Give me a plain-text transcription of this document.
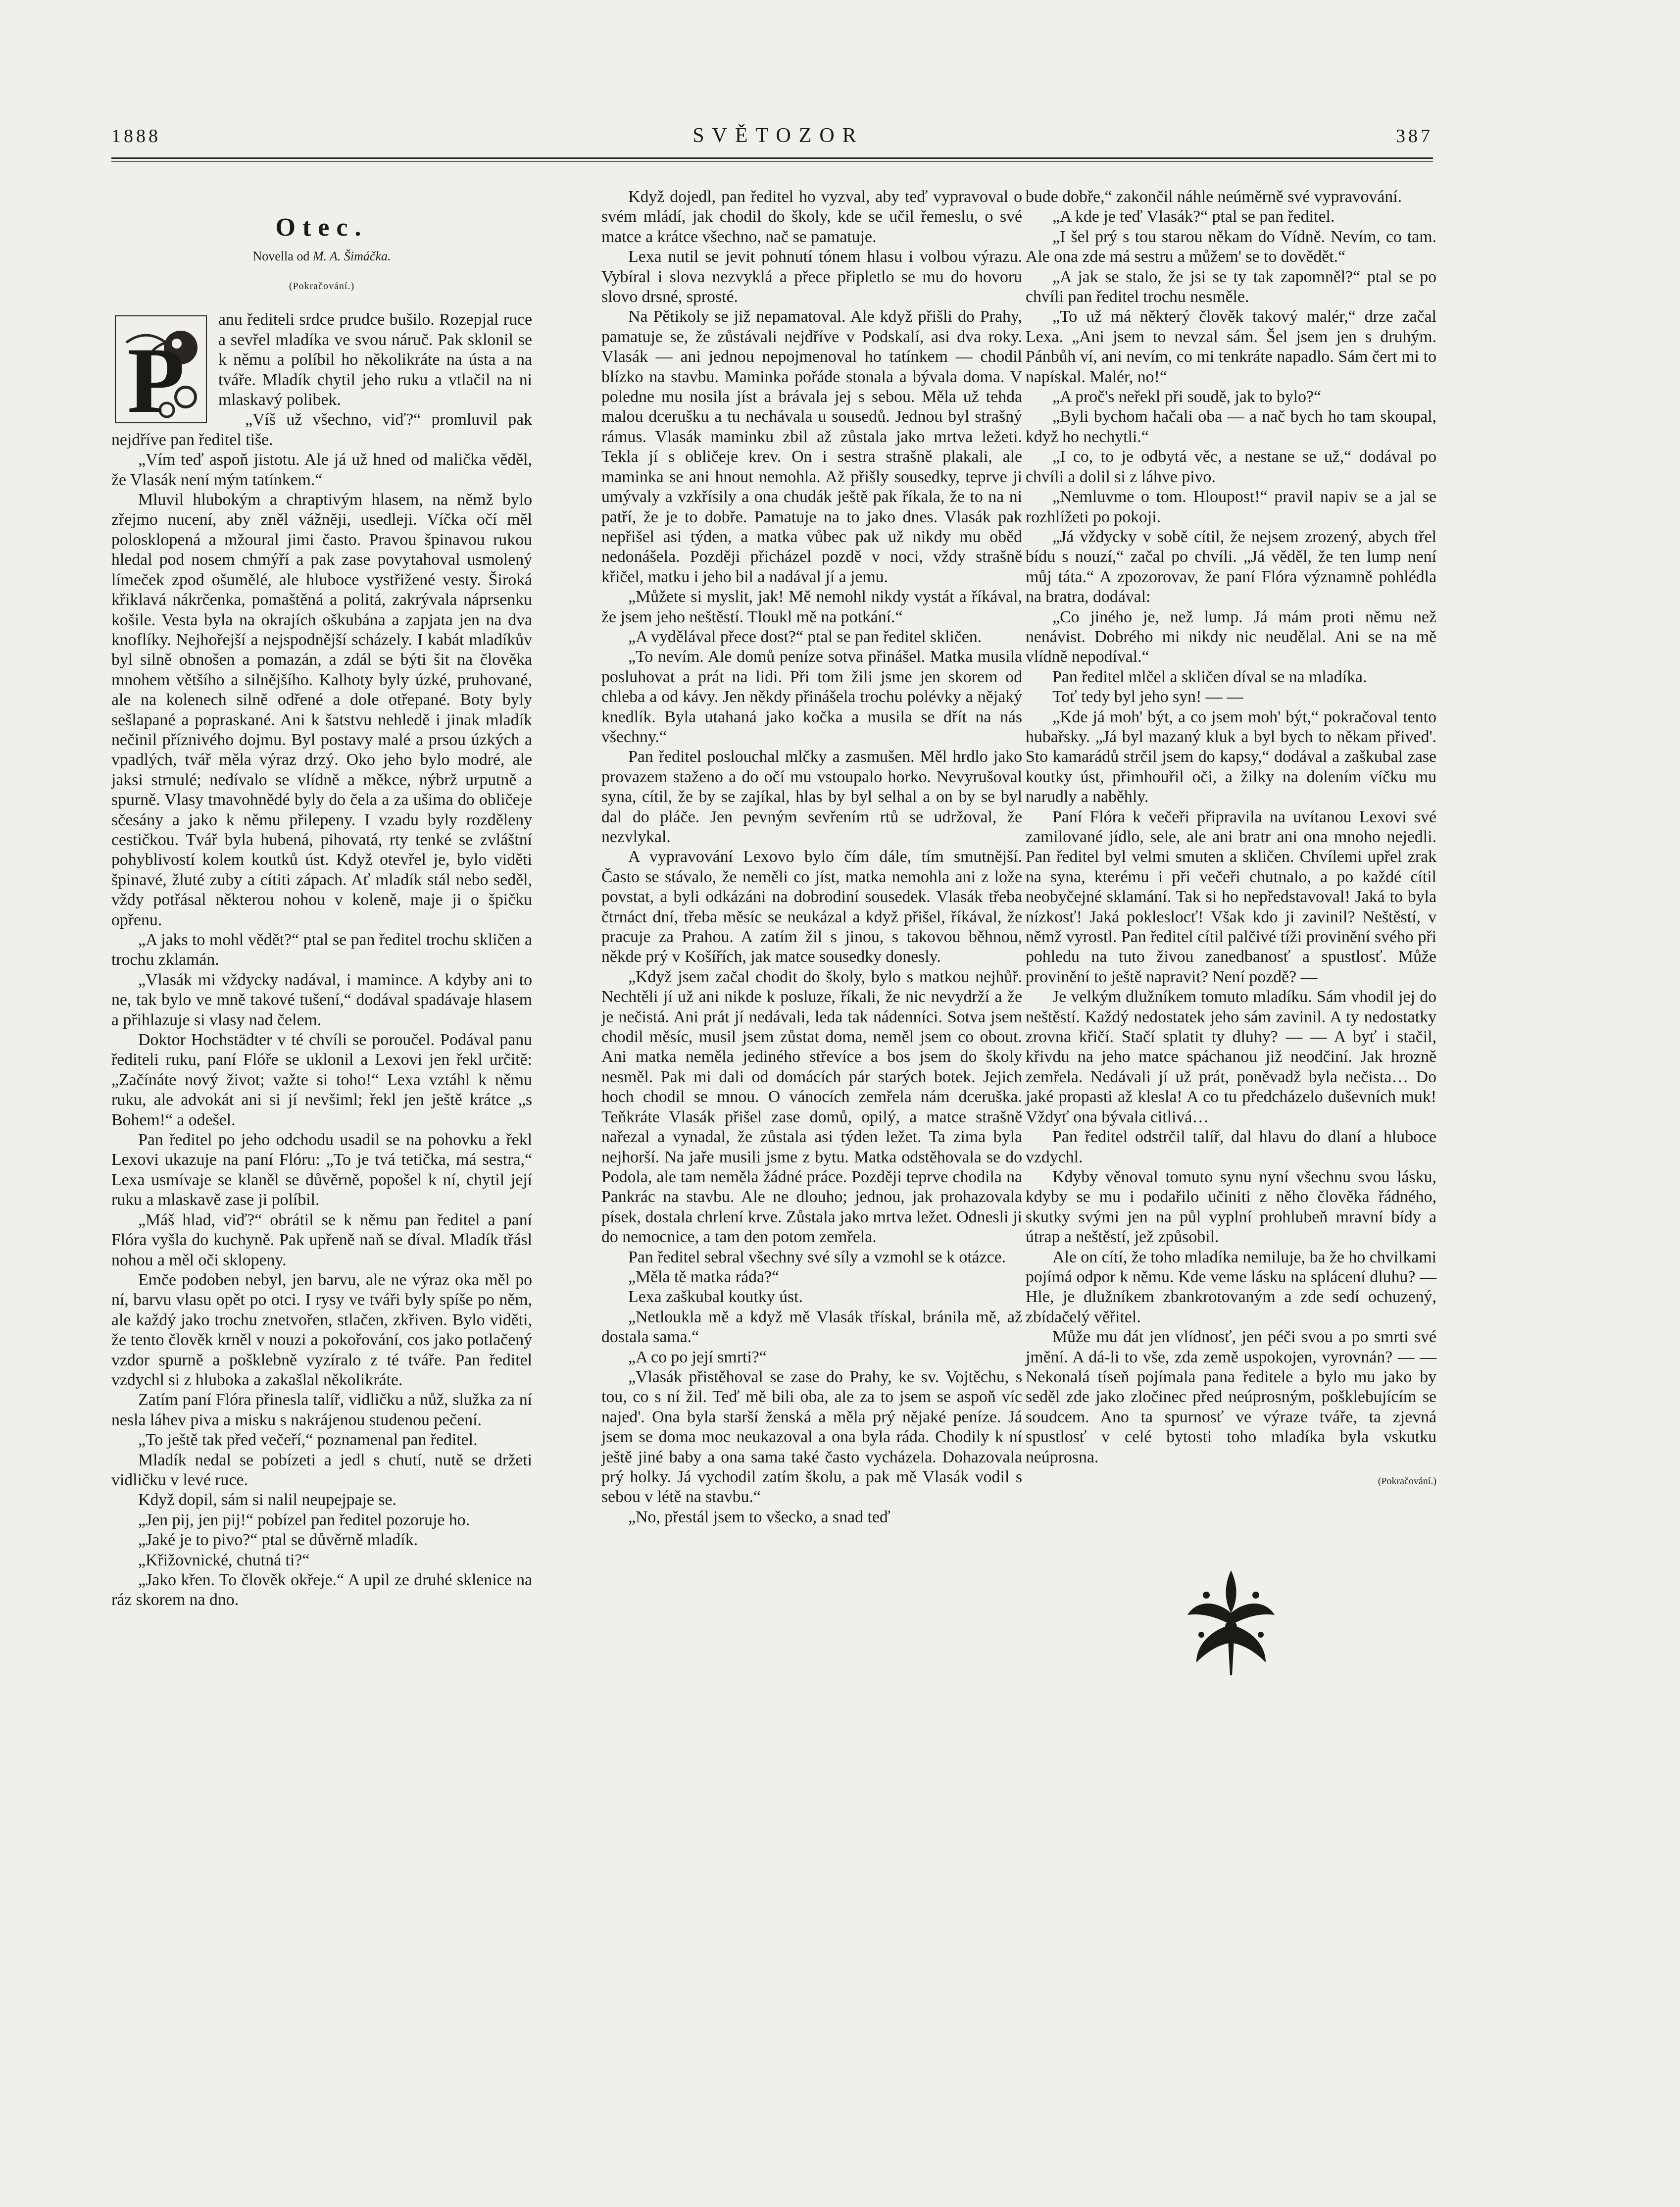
1888	SVĚTOZOR	387
Otec.
Novella od M. A. Šimáčka.
(Pokračování.)
P

anu řediteli srdce prudce bušilo. Rozepjal ruce a sevřel mladíka ve svou náruč. Pak sklonil se k němu a políbil ho několikráte na ústa a na tváře. Mladík chytil jeho ruku a vtlačil na ni mlaskavý polibek.

„Víš už všechno, viď?“ promluvil pak nejdříve pan ředitel tiše.

„Vím teď aspoň jistotu. Ale já už hned od malička věděl, že Vlasák není mým tatínkem.“

Mluvil hlubokým a chraptivým hlasem, na němž bylo zřejmo nucení, aby zněl vážněji, usedleji. Víčka očí měl polosklopená a mžoural jimi často. Pravou špinavou rukou hledal pod nosem chmýří a pak zase povytahoval usmolený límeček zpod ošumělé, ale hluboce vystřižené vesty. Široká křiklavá nákrčenka, pomaštěná a politá, zakrývala náprsenku košile. Vesta byla na okrajích oškubána a zapjata jen na dva knoflíky. Nejhořejší a nejspodnější scházely. I kabát mladíkův byl silně obnošen a pomazán, a zdál se býti šit na člověka mnohem většího a silnějšího. Kalhoty byly úzké, pruhované, ale na kolenech silně odřené a dole otřepané. Boty byly sešlapané a popraskané. Ani k šatstvu nehledě i jinak mladík nečinil příznivého dojmu. Byl postavy malé a prsou úzkých a vpadlých, tvář měla výraz drzý. Oko jeho bylo modré, ale jaksi strnulé; nedívalo se vlídně a měkce, nýbrž urputně a spurně. Vlasy tmavohnědé byly do čela a za ušima do obličeje sčesány a jako k němu přilepeny. I vzadu byly rozděleny cestičkou. Tvář byla hubená, pihovatá, rty tenké se zvláštní pohyblivostí kolem koutků úst. Když otevřel je, bylo viděti špinavé, žluté zuby a cítiti zápach. Ať mladík stál nebo seděl, vždy potřásal některou nohou v koleně, maje ji o špičku opřenu.

„A jaks to mohl vědět?“ ptal se pan ředitel trochu skličen a trochu zklamán.

„Vlasák mi vždycky nadával, i mamince. A kdyby ani to ne, tak bylo ve mně takové tušení,“ dodával spadávaje hlasem a přihlazuje si vlasy nad čelem.

Doktor Hochstädter v té chvíli se poroučel. Podával panu řediteli ruku, paní Flóře se uklonil a Lexovi jen řekl určitě: „Začínáte nový život; važte si toho!“ Lexa vztáhl k němu ruku, ale advokát ani si jí nevšiml; řekl jen ještě krátce „s Bohem!“ a odešel.

Pan ředitel po jeho odchodu usadil se na pohovku a řekl Lexovi ukazuje na paní Flóru: „To je tvá tetička, má sestra,“ Lexa usmívaje se klaněl se důvěrně, popošel k ní, chytil její ruku a mlaskavě zase ji políbil.

„Máš hlad, viď?“ obrátil se k němu pan ředitel a paní Flóra vyšla do kuchyně. Pak upřeně naň se díval. Mladík třásl nohou a měl oči sklopeny.

Emče podoben nebyl, jen barvu, ale ne výraz oka měl po ní, barvu vlasu opět po otci. I rysy ve tváři byly spíše po něm, ale každý jako trochu znetvořen, stlačen, zkřiven. Bylo viděti, že tento člověk krněl v nouzi a pokořování, cos jako potlačený vzdor spurně a pošklebně vyzíralo z té tváře. Pan ředitel vzdychl si z hluboka a zakašlal několikráte.

Zatím paní Flóra přinesla talíř, vidličku a nůž, služka za ní nesla láhev piva a misku s nakrájenou studenou pečení.

„To ještě tak před večeří,“ poznamenal pan ředitel.

Mladík nedal se pobízeti a jedl s chutí, nutě se držeti vidličku v levé ruce.

Když dopil, sám si nalil neupejpaje se.

„Jen pij, jen pij!“ pobízel pan ředitel pozoruje ho.

„Jaké je to pivo?“ ptal se důvěrně mladík.

„Křižovnické, chutná ti?“

„Jako křen. To člověk okřeje.“ A upil ze druhé sklenice na ráz skorem na dno.

Když dojedl, pan ředitel ho vyzval, aby teď vypravoval o svém mládí, jak chodil do školy, kde se učil řemeslu, o své matce a krátce všechno, nač se pamatuje.

Lexa nutil se jevit pohnutí tónem hlasu i volbou výrazu. Vybíral i slova nezvyklá a přece připletlo se mu do hovoru slovo drsné, sprosté.

Na Pětikoly se již nepamatoval. Ale když přišli do Prahy, pamatuje se, že zůstávali nejdříve v Podskalí, asi dva roky. Vlasák — ani jednou nepojmenoval ho tatínkem — chodil blízko na stavbu. Maminka pořáde stonala a bývala doma. V poledne mu nosila jíst a brávala jej s sebou. Měla už tehda malou dcerušku a tu nechávala u sousedů. Jednou byl strašný rámus. Vlasák maminku zbil až zůstala jako mrtva ležeti. Tekla jí s obličeje krev. On i sestra strašně plakali, ale maminka se ani hnout nemohla. Až přišly sousedky, teprve ji umývaly a vzkřísily a ona chudák ještě pak říkala, že to na ni patří, že je to dobře. Pamatuje na to jako dnes. Vlasák pak nepřišel asi týden, a matka vůbec pak už nikdy mu oběd nedonášela. Později přicházel pozdě v noci, vždy strašně křičel, matku i jeho bil a nadával jí a jemu.

„Můžete si myslit, jak! Mě nemohl nikdy vystát a říkával, že jsem jeho neštěstí. Tloukl mě na potkání.“

„A vydělával přece dost?“ ptal se pan ředitel skličen.

„To nevím. Ale domů peníze sotva přinášel. Matka musila posluhovat a prát na lidi. Při tom žili jsme jen skorem od chleba a od kávy. Jen někdy přinášela trochu polévky a nějaký knedlík. Byla utahaná jako kočka a musila se dřít na nás všechny.“

Pan ředitel poslouchal mlčky a zasmušen. Měl hrdlo jako provazem staženo a do očí mu vstoupalo horko. Nevyrušoval syna, cítil, že by se zajíkal, hlas by byl selhal a on by se byl dal do pláče. Jen pevným sevřením rtů se udržoval, že nezvlykal.

A vypravování Lexovo bylo čím dále, tím smutnější. Často se stávalo, že neměli co jíst, matka nemohla ani z lože povstat, a byli odkázáni na dobrodiní sousedek. Vlasák třeba čtrnáct dní, třeba měsíc se neukázal a když přišel, říkával, že pracuje za Prahou. A zatím žil s jinou, s takovou běhnou, někde prý v Košířích, jak matce sousedky donesly.

„Když jsem začal chodit do školy, bylo s matkou nejhůř. Nechtěli jí už ani nikde k posluze, říkali, že nic nevydrží a že je nečistá. Ani prát jí nedávali, leda tak nádenníci. Sotva jsem chodil měsíc, musil jsem zůstat doma, neměl jsem co obout. Ani matka neměla jediného střevíce a bos jsem do školy nesměl. Pak mi dali od domácích pár starých botek. Jejich hoch chodil se mnou. O vánocích zemřela nám dceruška. Teňkráte Vlasák přišel zase domů, opilý, a matce strašně nařezal a vynadal, že zůstala asi týden ležet. Ta zima byla nejhorší. Na jaře musili jsme z bytu. Matka odstěhovala se do Podola, ale tam neměla žádné práce. Později teprve chodila na Pankrác na stavbu. Ale ne dlouho; jednou, jak prohazovala písek, dostala chrlení krve. Zůstala jako mrtva ležet. Odnesli ji do nemocnice, a tam den potom zemřela.

Pan ředitel sebral všechny své síly a vzmohl se k otázce.

„Měla tě matka ráda?“

Lexa zaškubal koutky úst.

„Netloukla mě a když mě Vlasák třískal, bránila mě, až dostala sama.“

„A co po její smrti?“

„Vlasák přistěhoval se zase do Prahy, ke sv. Vojtěchu, s tou, co s ní žil. Teď mě bili oba, ale za to jsem se aspoň víc najed'. Ona byla starší ženská a měla prý nějaké peníze. Já jsem se doma moc neukazoval a ona byla ráda. Chodily k ní ještě jiné baby a ona sama také často vycházela. Dohazovala prý holky. Já vychodil zatím školu, a pak mě Vlasák vodil s sebou v létě na stavbu.“

„No, přestál jsem to všecko, a snad teď

bude dobře,“ zakončil náhle neúměrně své vypravování.

„A kde je teď Vlasák?“ ptal se pan ředitel.

„I šel prý s tou starou někam do Vídně. Nevím, co tam. Ale ona zde má sestru a můžem' se to dovědět.“

„A jak se stalo, že jsi se ty tak zapomněl?“ ptal se po chvíli pan ředitel trochu nesměle.

„To už má některý člověk takový malér,“ drze začal Lexa. „Ani jsem to nevzal sám. Šel jsem jen s druhým. Pánbůh ví, ani nevím, co mi tenkráte napadlo. Sám čert mi to napískal. Malér, no!“

„A proč's neřekl při soudě, jak to bylo?“

„Byli bychom hačali oba — a nač bych ho tam skoupal, když ho nechytli.“

„I co, to je odbytá věc, a nestane se už,“ dodával po chvíli a dolil si z láhve pivo.

„Nemluvme o tom. Hloupost!“ pravil napiv se a jal se rozhlížeti po pokoji.

„Já vždycky v sobě cítil, že nejsem zrozený, abych třel bídu s nouzí,“ začal po chvíli. „Já věděl, že ten lump není můj táta.“ A zpozorovav, že paní Flóra významně pohlédla na bratra, dodával:

„Co jiného je, než lump. Já mám proti němu než nenávist. Dobrého mi nikdy nic neudělal. Ani se na mě vlídně nepodíval.“

Pan ředitel mlčel a skličen díval se na mladíka.

Toť tedy byl jeho syn! — —

„Kde já moh' být, a co jsem moh' být,“ pokračoval tento hubařsky. „Já byl mazaný kluk a byl bych to někam přived'. Sto kamarádů strčil jsem do kapsy,“ dodával a zaškubal zase koutky úst, přimhouřil oči, a žilky na dolením víčku mu narudly a naběhly.

Paní Flóra k večeři připravila na uvítanou Lexovi své zamilované jídlo, sele, ale ani bratr ani ona mnoho nejedli. Pan ředitel byl velmi smuten a skličen. Chvílemi upřel zrak na syna, kterému i při večeři chutnalo, a po každé cítil neobyčejné sklamání. Tak si ho nepředstavoval! Jaká to byla nízkosť! Jaká poklesloсť! Však kdo ji zavinil? Neštěstí, v němž vyrostl. Pan ředitel cítil palčivé tíži provinění svého při pohledu na tuto živou zanedbanosť a spustlosť. Může provinění to ještě napravit? Není pozdě? —

Je velkým dlužníkem tomuto mladíku. Sám vhodil jej do neštěstí. Každý nedostatek jeho sám zavinil. A ty nedostatky zrovna křičí. Stačí splatit ty dluhy? — — A byť i stačil, křivdu na jeho matce spáchanou již neodčiní. Jak hrozně zemřela. Nedávali jí už prát, poněvadž byla nečista… Do jaké propasti až klesla! A co tu předcházelo duševních muk! Vždyť ona bývala citlivá…

Pan ředitel odstrčil talíř, dal hlavu do dlaní a hluboce vzdychl.

Kdyby věnoval tomuto synu nyní všechnu svou lásku, kdyby se mu i podařilo učiniti z něho člověka řádného, skutky svými jen na půl vyplní prohlubeň mravní bídy a útrap a neštěstí, jež způsobil.

Ale on cítí, že toho mladíka nemiluje, ba že ho chvilkami pojímá odpor k němu. Kde veme lásku na splácení dluhu? — Hle, je dlužníkem zbankrotovaným a zde sedí ochuzený, zbídačelý věřitel.

Může mu dát jen vlídnosť, jen péči svou a po smrti své jmění. A dá-li to vše, zda země uspokojen, vyrovnán? — — Nekonalá tíseň pojímala pana ředitele a bylo mu jako by seděl zde jako zločinec před neúprosným, pošklebujícím se soudcem. Ano ta spurnosť ve výraze tváře, ta zjevná spustlosť v celé bytosti toho mladíka byla vskutku neúprosna.

(Pokračování.)
